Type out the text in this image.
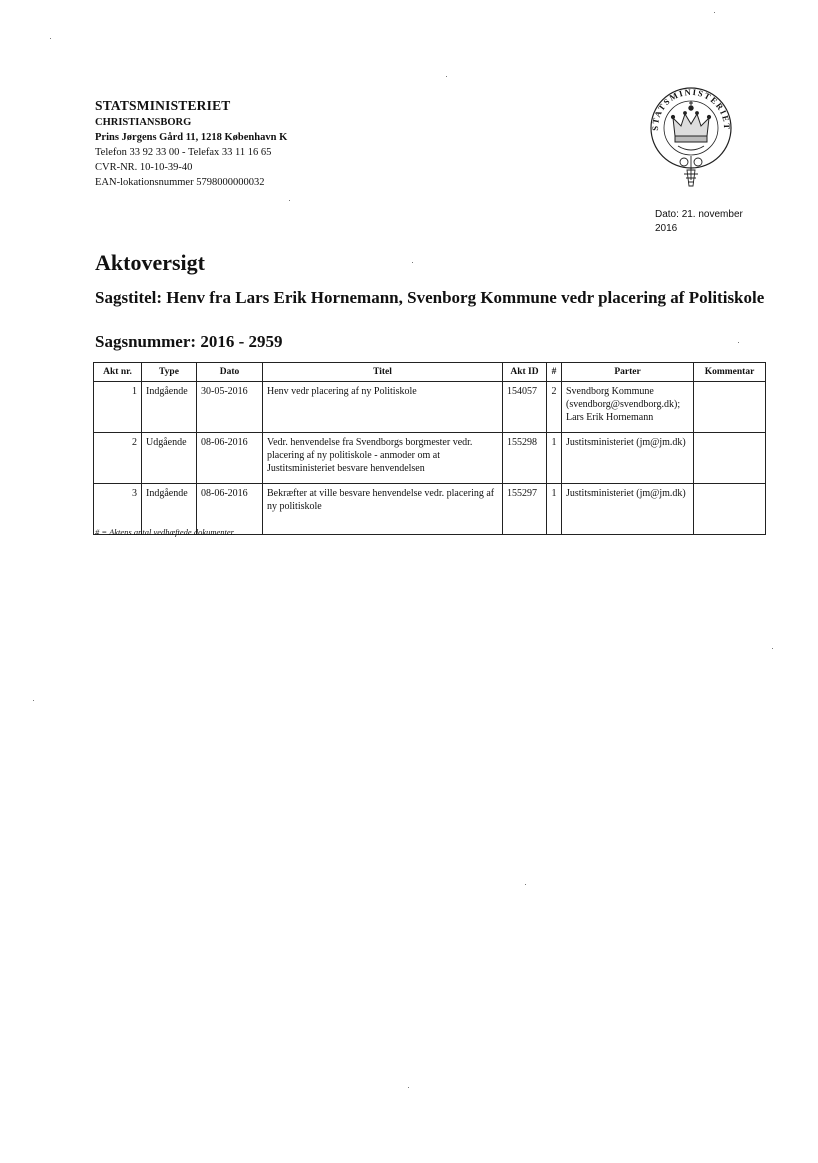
STATSMINISTERIET
CHRISTIANSBORG
Prins Jørgens Gård 11, 1218 København K
Telefon 33 92 33 00 - Telefax 33 11 16 65
CVR-NR. 10-10-39-40
EAN-lokationsnummer 5798000000032
STATSMINISTERIET
Dato: 21. november
2016
Aktoversigt
Sagstitel: Henv fra Lars Erik Hornemann, Svenborg Kommune vedr placering af Politiskole
Sagsnummer: 2016 - 2959
Akt nr.	Type	Dato	Titel	Akt ID	#	Parter	Kommentar
1	Indgående	30-05-2016	Henv vedr placering af ny Politiskole	154057	2	Svendborg Kommune (svendborg@svendborg.dk); Lars Erik Hornemann	
2	Udgående	08-06-2016	Vedr. henvendelse fra Svendborgs borgmester vedr. placering af ny politiskole - anmoder om at Justitsministeriet besvare henvendelsen	155298	1	Justitsministeriet (jm@jm.dk)	
3	Indgående	08-06-2016	Bekræfter at ville besvare henvendelse vedr. placering af ny politiskole	155297	1	Justitsministeriet (jm@jm.dk)	
# = Aktens antal vedhæftede dokumenter.
